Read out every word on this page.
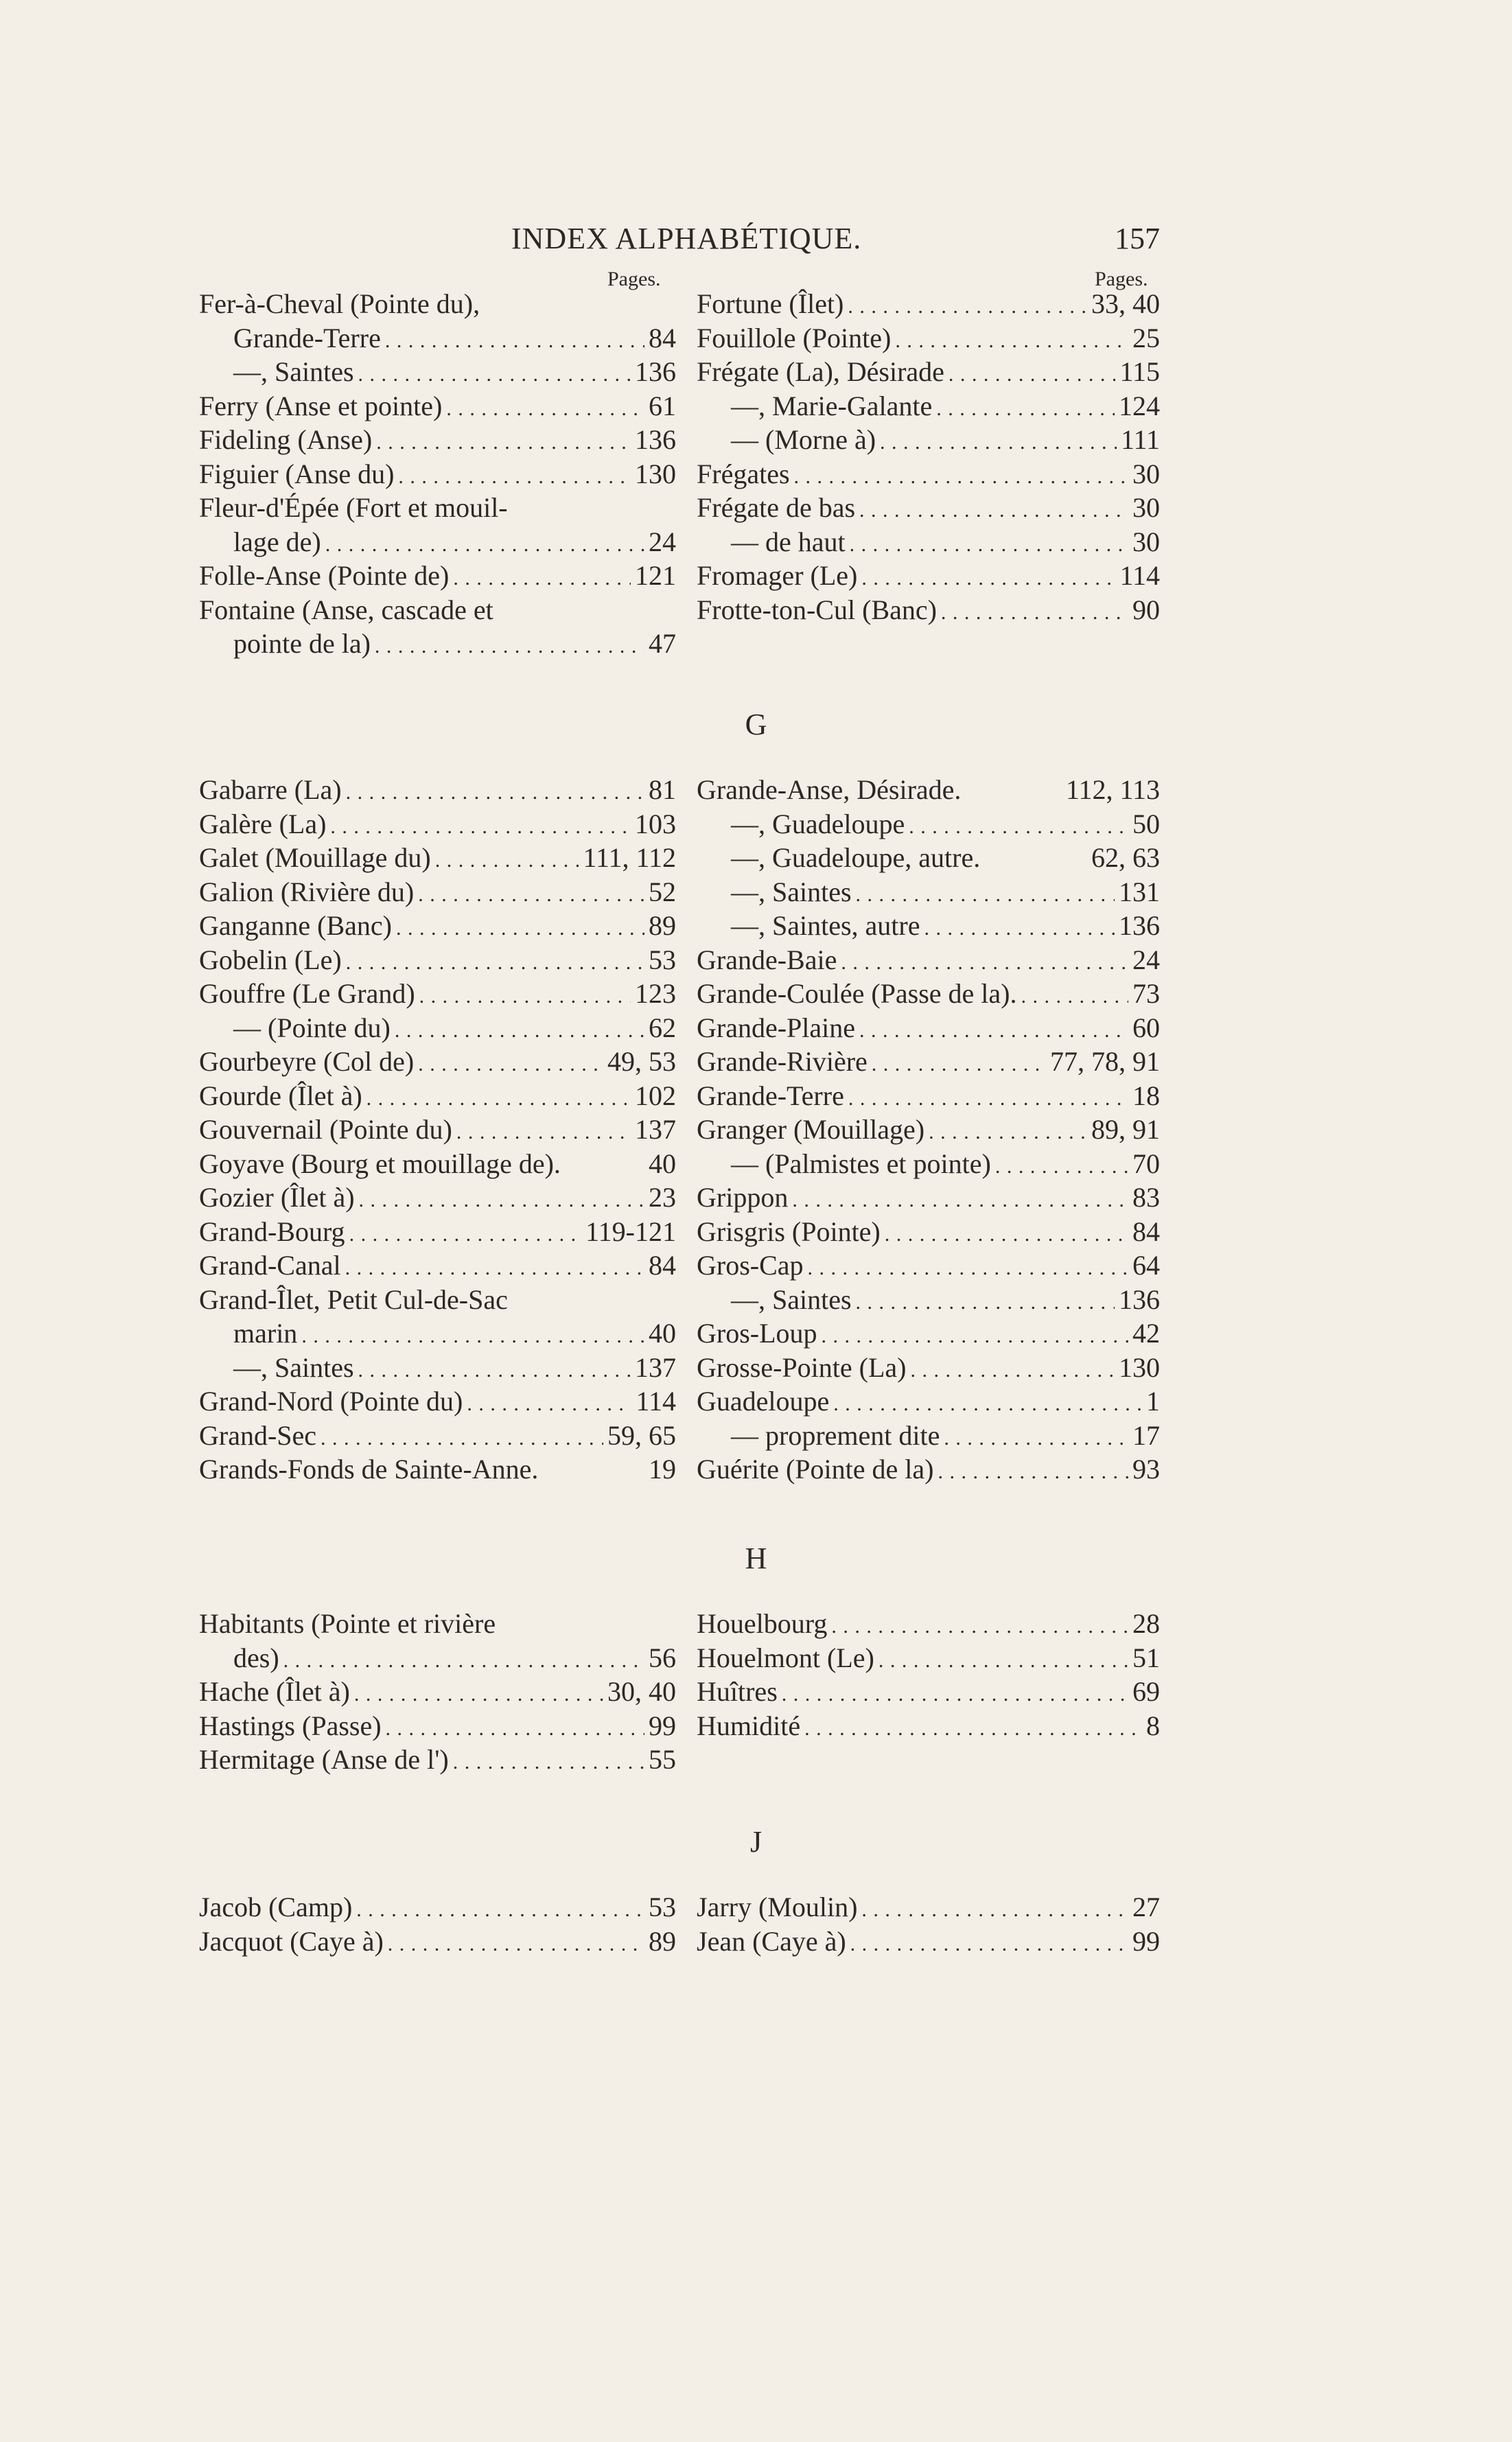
INDEX ALPHABÉTIQUE.	157
Pages.	Pages.
Fer-à-Cheval (Pointe du),
Grande-Terre . . .	84
—, Saintes . . .	136
Ferry (Anse et pointe) . . .	61
Fideling (Anse) . . .	136
Figuier (Anse du) . . .	130
Fleur-d'Épée (Fort et mouil-
lage de) . . .	24
Folle-Anse (Pointe de) . . .	121
Fontaine (Anse, cascade et
pointe de la) . . .	47
Fortune (Îlet) . . .	33, 40
Fouillole (Pointe) . . .	25
Frégate (La), Désirade . . .	115
—, Marie-Galante . . .	124
— (Morne à) . . .	111
Frégates . . .	30
Frégate de bas . . .	30
— de haut . . .	30
Fromager (Le) . . .	114
Frotte-ton-Cul (Banc) . . .	90
G
Gabarre (La) . . .	81
Galère (La) . . .	103
Galet (Mouillage du) . . .	111, 112
Galion (Rivière du) . . .	52
Ganganne (Banc) . . .	89
Gobelin (Le) . . .	53
Gouffre (Le Grand) . . .	123
— (Pointe du) . . .	62
Gourbeyre (Col de) . . .	49, 53
Gourde (Îlet à) . . .	102
Gouvernail (Pointe du) . . .	137
Goyave (Bourg et mouillage de).	40
Gozier (Îlet à) . . .	23
Grand-Bourg . . .	119-121
Grand-Canal . . .	84
Grand-Îlet, Petit Cul-de-Sac
marin . . .	40
—, Saintes . . .	137
Grand-Nord (Pointe du) . . .	114
Grand-Sec . . .	59, 65
Grands-Fonds de Sainte-Anne.	19
Grande-Anse, Désirade.	112, 113
—, Guadeloupe . . .	50
—, Guadeloupe, autre.	62, 63
—, Saintes . . .	131
—, Saintes, autre . . .	136
Grande-Baie . . .	24
Grande-Coulée (Passe de la). . . .	73
Grande-Plaine . . .	60
Grande-Rivière . . .	77, 78, 91
Grande-Terre . . .	18
Granger (Mouillage) . . .	89, 91
— (Palmistes et pointe) . . .	70
Grippon . . .	83
Grisgris (Pointe) . . .	84
Gros-Cap . . .	64
—, Saintes . . .	136
Gros-Loup . . .	42
Grosse-Pointe (La) . . .	130
Guadeloupe . . .	1
— proprement dite . . .	17
Guérite (Pointe de la) . . .	93
H
Habitants (Pointe et rivière
des) . . .	56
Hache (Îlet à) . . .	30, 40
Hastings (Passe) . . .	99
Hermitage (Anse de l') . . .	55
Houelbourg . . .	28
Houelmont (Le) . . .	51
Huîtres . . .	69
Humidité . . .	8
J
Jacob (Camp) . . .	53
Jacquot (Caye à) . . .	89
Jarry (Moulin) . . .	27
Jean (Caye à) . . .	99
